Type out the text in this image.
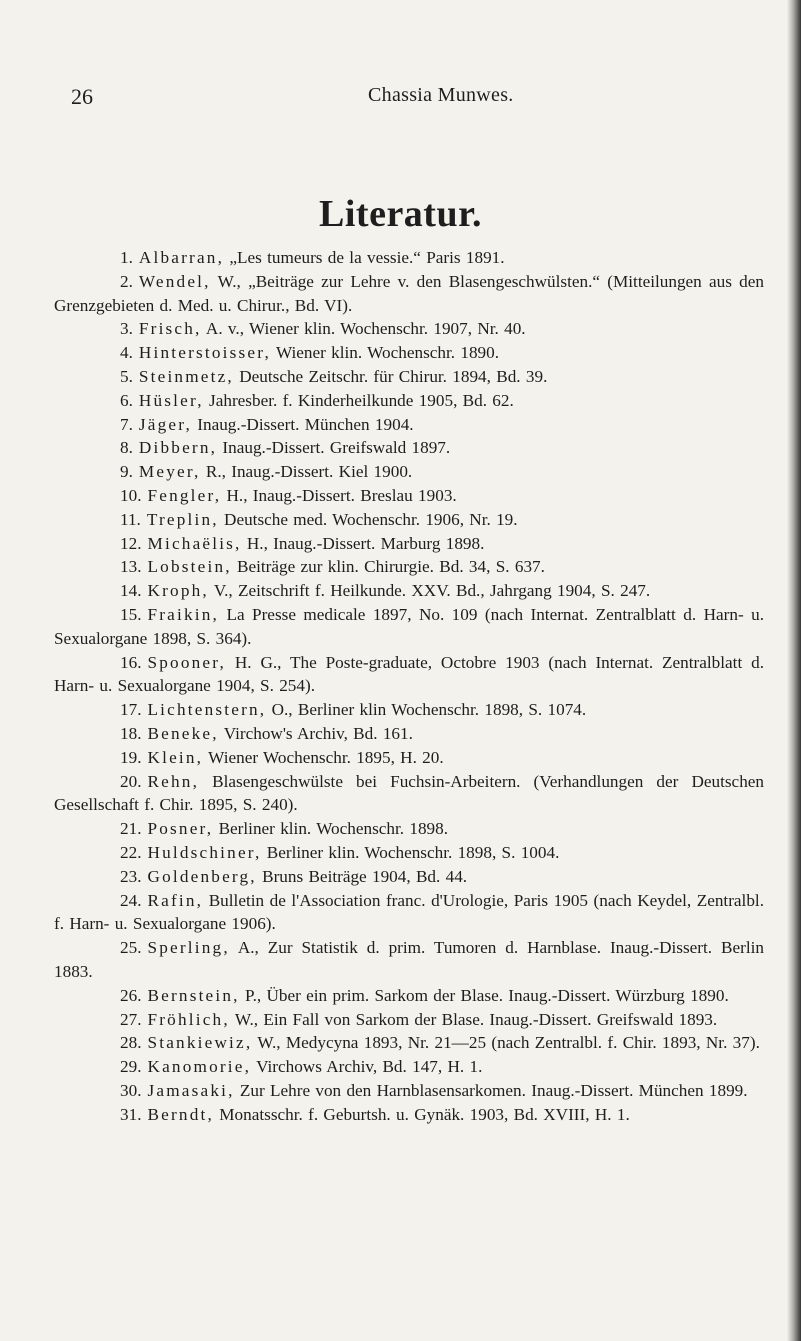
26	Chassia Munwes.
Literatur.

1. Albarran, „Les tumeurs de la vessie.“ Paris 1891.

2. Wendel, W., „Beiträge zur Lehre v. den Blasengeschwülsten.“ (Mitteilungen aus den Grenzgebieten d. Med. u. Chirur., Bd. VI).

3. Frisch, A. v., Wiener klin. Wochenschr. 1907, Nr. 40.

4. Hinterstoisser, Wiener klin. Wochenschr. 1890.

5. Steinmetz, Deutsche Zeitschr. für Chirur. 1894, Bd. 39.

6. Hüsler, Jahresber. f. Kinderheilkunde 1905, Bd. 62.

7. Jäger, Inaug.-Dissert. München 1904.

8. Dibbern, Inaug.-Dissert. Greifswald 1897.

9. Meyer, R., Inaug.-Dissert. Kiel 1900.

10. Fengler, H., Inaug.-Dissert. Breslau 1903.

11. Treplin, Deutsche med. Wochenschr. 1906, Nr. 19.

12. Michaëlis, H., Inaug.-Dissert. Marburg 1898.

13. Lobstein, Beiträge zur klin. Chirurgie. Bd. 34, S. 637.

14. Kroph, V., Zeitschrift f. Heilkunde. XXV. Bd., Jahrgang 1904, S. 247.

15. Fraikin, La Presse medicale 1897, No. 109 (nach Internat. Zentralblatt d. Harn- u. Sexualorgane 1898, S. 364).

16. Spooner, H. G., The Poste-graduate, Octobre 1903 (nach Internat. Zentralblatt d. Harn- u. Sexualorgane 1904, S. 254).

17. Lichtenstern, O., Berliner klin Wochenschr. 1898, S. 1074.

18. Beneke, Virchow's Archiv, Bd. 161.

19. Klein, Wiener Wochenschr. 1895, H. 20.

20. Rehn, Blasengeschwülste bei Fuchsin-Arbeitern. (Verhandlungen der Deutschen Gesellschaft f. Chir. 1895, S. 240).

21. Posner, Berliner klin. Wochenschr. 1898.

22. Huldschiner, Berliner klin. Wochenschr. 1898, S. 1004.

23. Goldenberg, Bruns Beiträge 1904, Bd. 44.

24. Rafin, Bulletin de l'Association franc. d'Urologie, Paris 1905 (nach Keydel, Zentralbl. f. Harn- u. Sexualorgane 1906).

25. Sperling, A., Zur Statistik d. prim. Tumoren d. Harnblase. Inaug.-Dissert. Berlin 1883.

26. Bernstein, P., Über ein prim. Sarkom der Blase. Inaug.-Dissert. Würzburg 1890.

27. Fröhlich, W., Ein Fall von Sarkom der Blase. Inaug.-Dissert. Greifswald 1893.

28. Stankiewiz, W., Medycyna 1893, Nr. 21—25 (nach Zentralbl. f. Chir. 1893, Nr. 37).

29. Kanomorie, Virchows Archiv, Bd. 147, H. 1.

30. Jamasaki, Zur Lehre von den Harnblasensarkomen. Inaug.-Dissert. München 1899.

31. Berndt, Monatsschr. f. Geburtsh. u. Gynäk. 1903, Bd. XVIII, H. 1.
